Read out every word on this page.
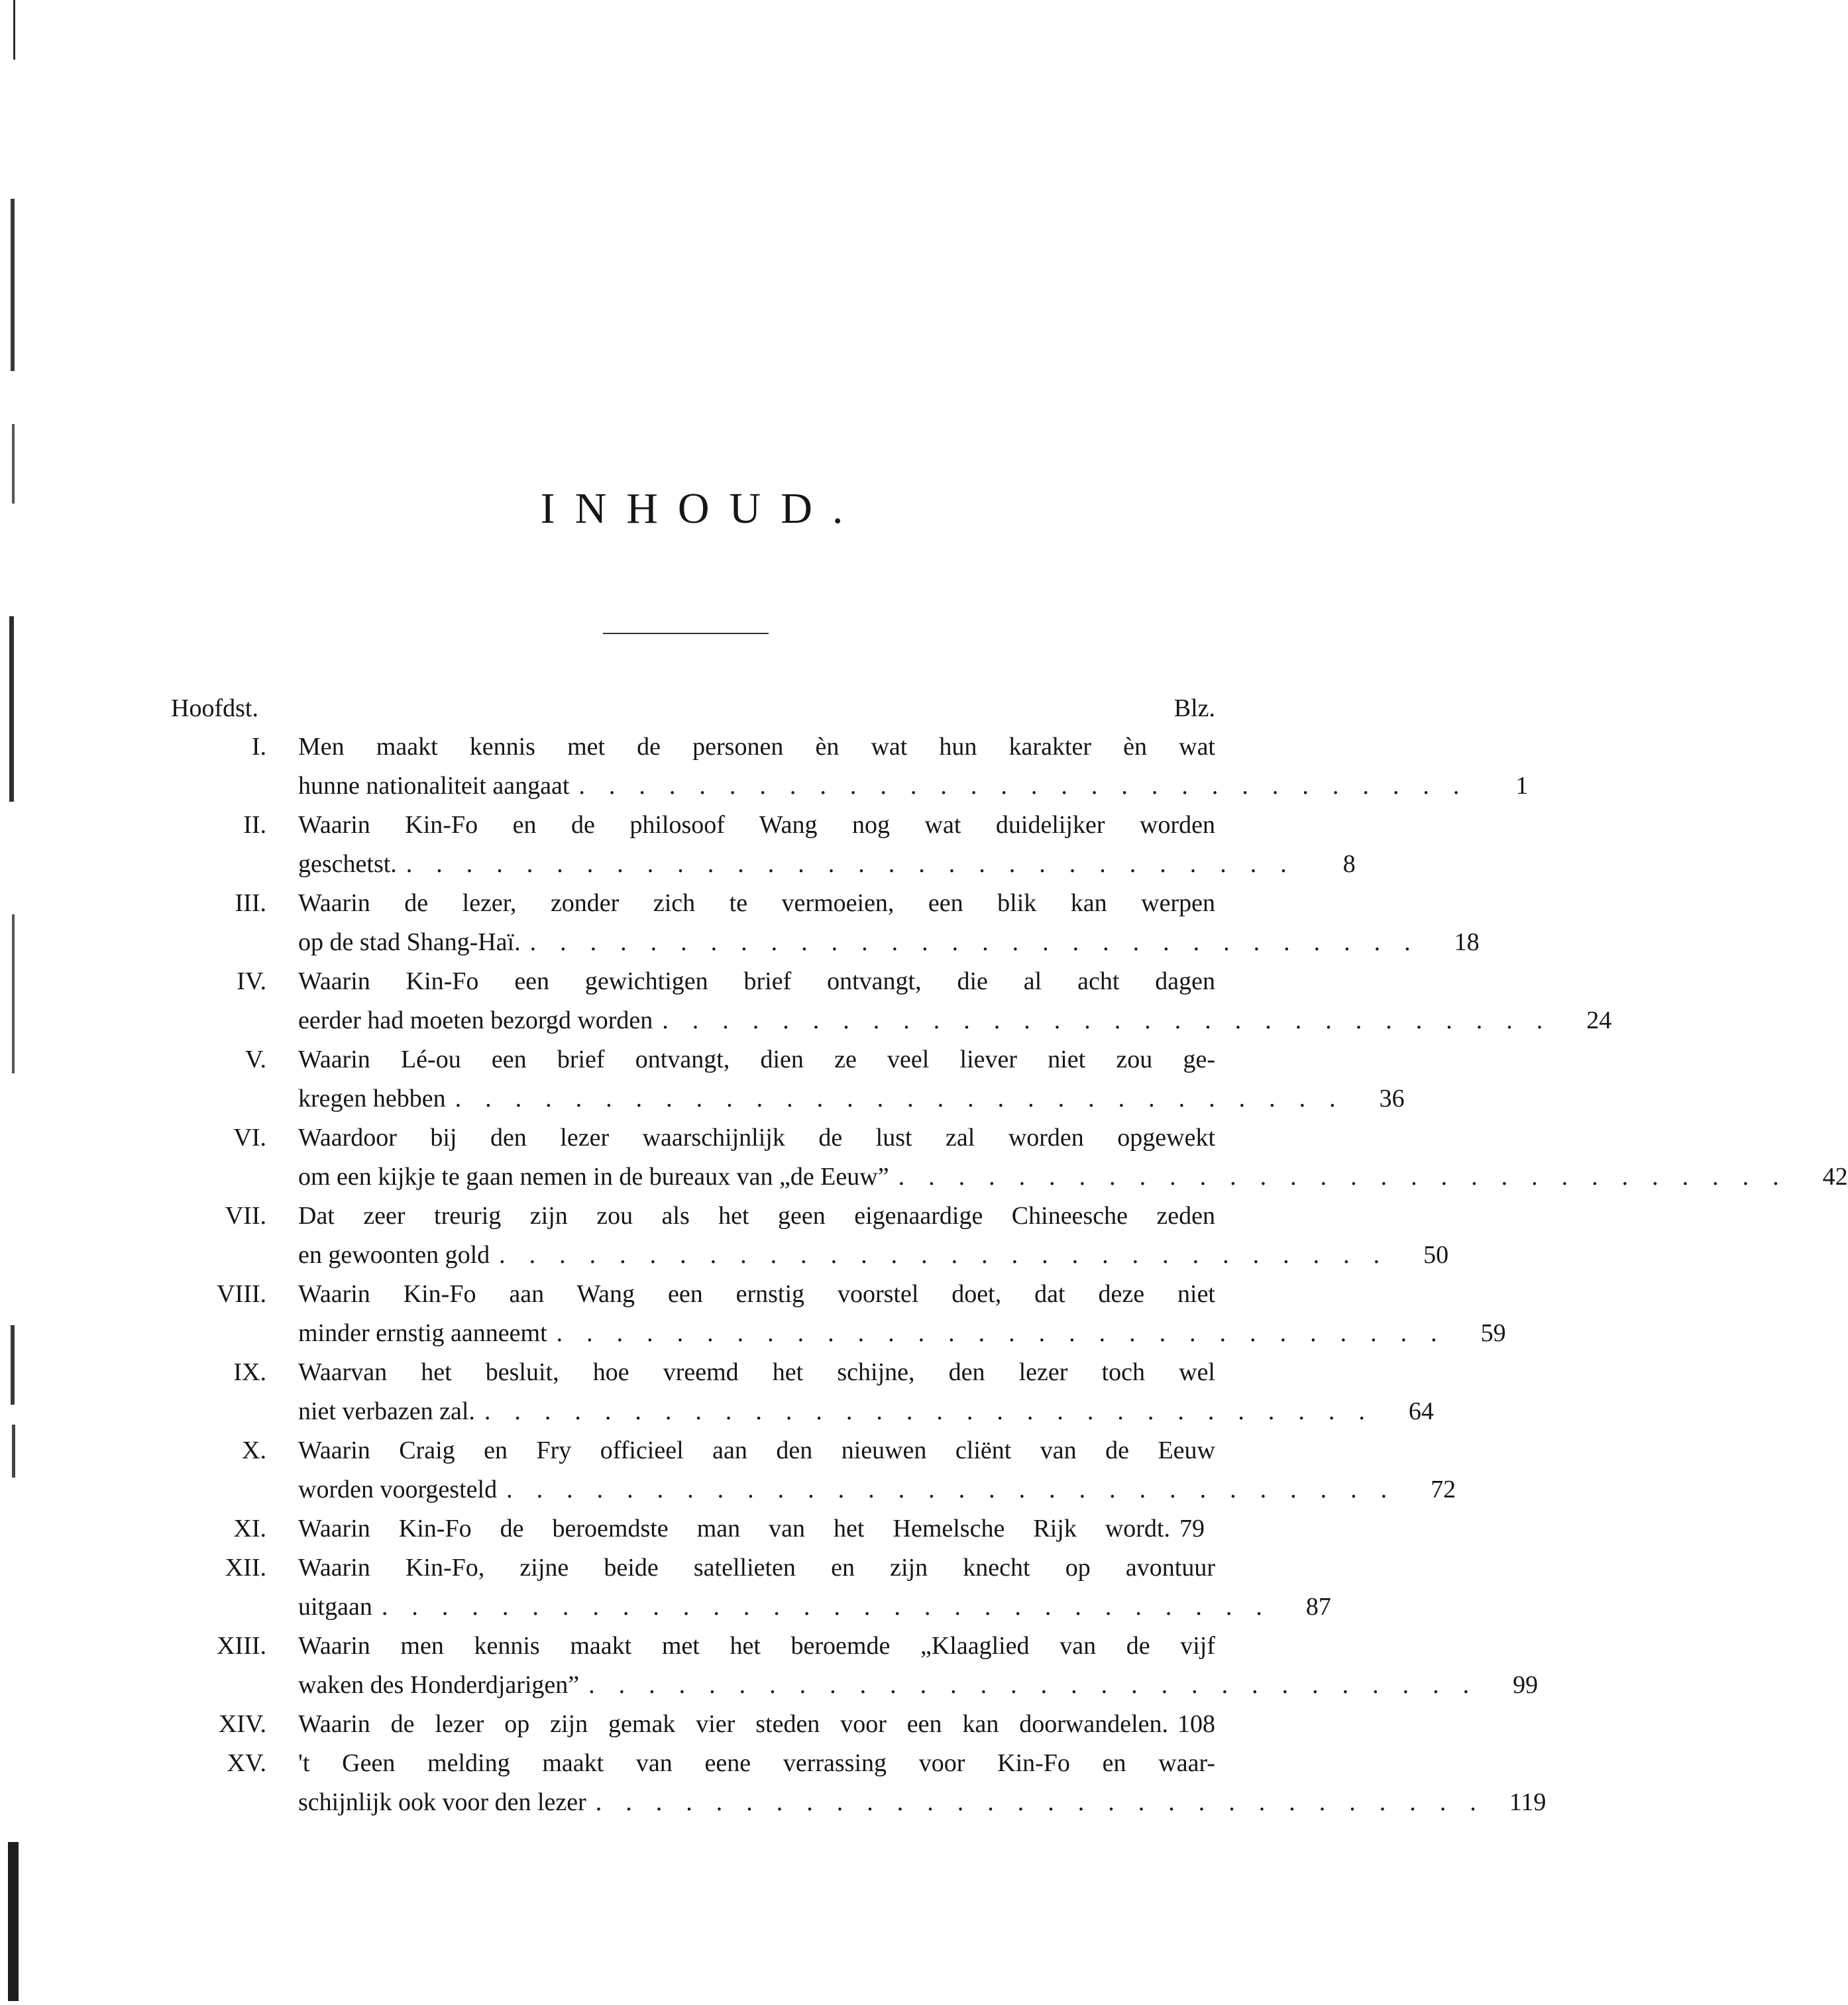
INHOUD.
Hoofdst.	Blz.
I. Men maakt kennis met de personen èn wat hun karakter èn wat
hunne nationaliteit aangaat ..............................	1
II. Waarin Kin-Fo en de philosoof Wang nog wat duidelijker worden
geschetst. ..............................	8
III. Waarin de lezer, zonder zich te vermoeien, een blik kan werpen
op de stad Shang-Haï. .............................. 18
IV. Waarin Kin-Fo een gewichtigen brief ontvangt, die al acht dagen
eerder had moeten bezorgd worden .............................. 24
V. Waarin Lé-ou een brief ontvangt, dien ze veel liever niet zou ge-
kregen hebben .............................. 36
VI. Waardoor bij den lezer waarschijnlijk de lust zal worden opgewekt
om een kijkje te gaan nemen in de bureaux van „de Eeuw” .............................. 42
VII. Dat zeer treurig zijn zou als het geen eigenaardige Chineesche zeden
en gewoonten gold .............................. 50
VIII. Waarin Kin-Fo aan Wang een ernstig voorstel doet, dat deze niet
minder ernstig aanneemt .............................. 59
IX. Waarvan het besluit, hoe vreemd het schijne, den lezer toch wel
niet verbazen zal. .............................. 64
X. Waarin Craig en Fry officieel aan den nieuwen cliënt van de Eeuw
worden voorgesteld .............................. 72
XI. Waarin Kin-Fo de beroemdste man van het Hemelsche Rijk wordt. 79
XII. Waarin Kin-Fo, zijne beide satellieten en zijn knecht op avontuur
uitgaan .............................. 87
XIII. Waarin men kennis maakt met het beroemde „Klaaglied van de vijf
waken des Honderdjarigen” .............................. 99
XIV. Waarin de lezer op zijn gemak vier steden voor een kan doorwandelen. 108
XV. 't Geen melding maakt van eene verrassing voor Kin-Fo en waar-
schijnlijk ook voor den lezer .............................. 119
